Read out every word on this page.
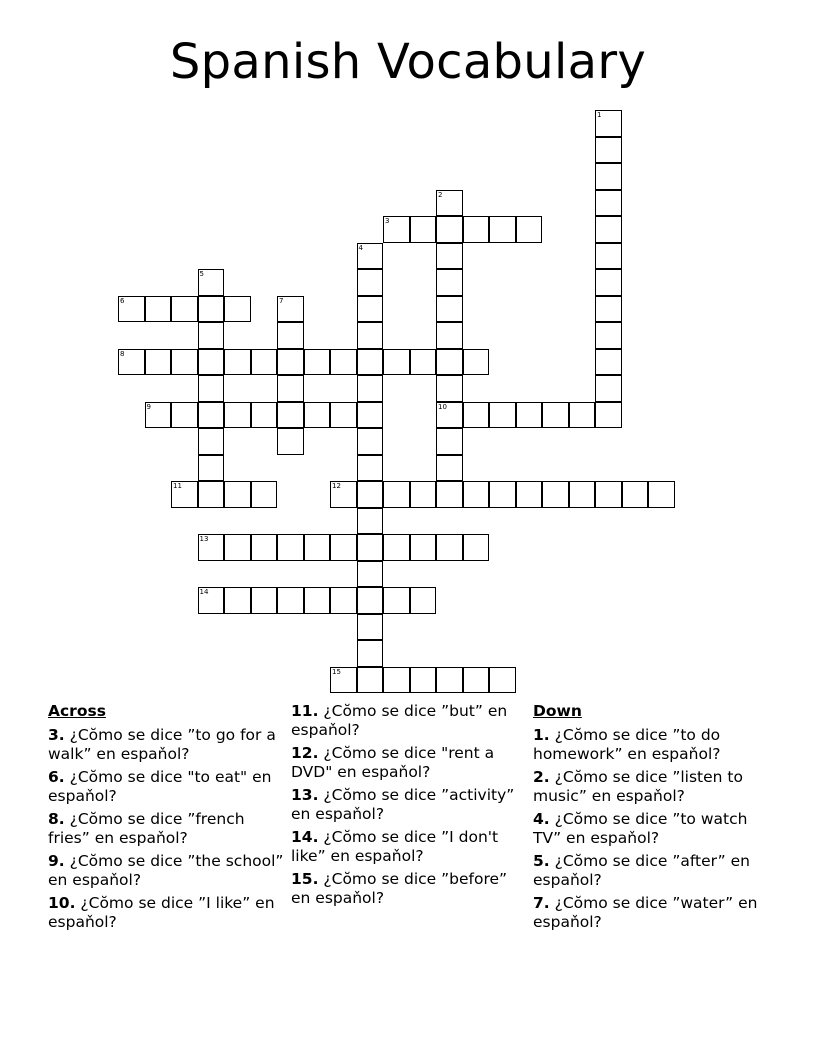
Spanish Vocabulary
1
2
10
3
4
5
6	7
8
9
11	12
13
14
15
Across
3. ¿Cŏmo se dice ”to go for a walk” en espaňol?
6. ¿Cŏmo se dice "to eat" en espaňol?
8. ¿Cŏmo se dice ”french fries” en espaňol?
9. ¿Cŏmo se dice ”the school” en espaňol?
10. ¿Cŏmo se dice ”I like” en espaňol?
11. ¿Cŏmo se dice ”but” en espaňol?
12. ¿Cŏmo se dice "rent a DVD" en espaňol?
13. ¿Cŏmo se dice ”activity” en espaňol?
14. ¿Cŏmo se dice ”I don't like” en espaňol?
15. ¿Cŏmo se dice ”before” en espaňol?
Down
1. ¿Cŏmo se dice ”to do homework” en espaňol?
2. ¿Cŏmo se dice ”listen to music” en espaňol?
4. ¿Cŏmo se dice ”to watch TV” en espaňol?
5. ¿Cŏmo se dice ”after” en espaňol?
7. ¿Cŏmo se dice ”water” en espaňol?
